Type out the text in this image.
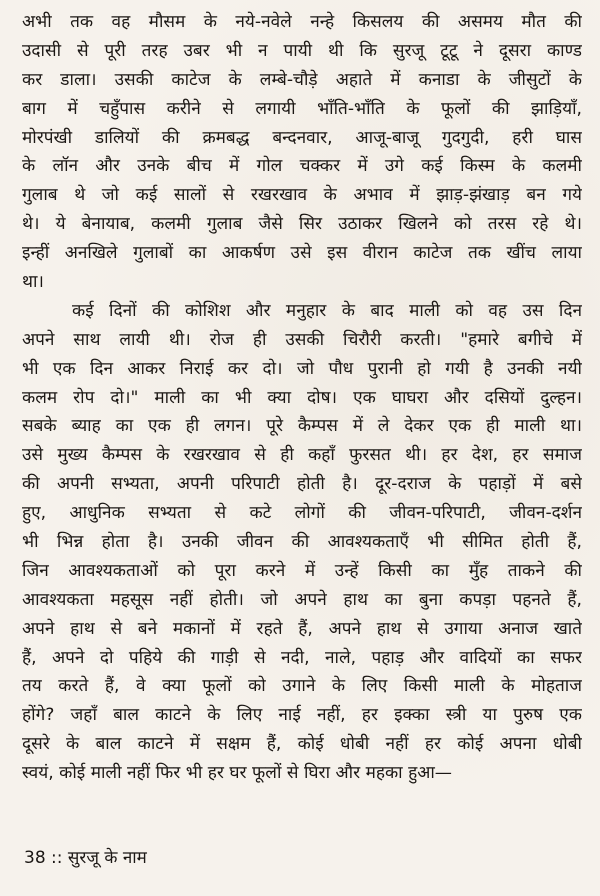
अभी तक वह मौसम के नये-नवेले नन्हे किसलय की असमय मौत की
उदासी से पूरी तरह उबर भी न पायी थी कि सुरजू टूटू ने दूसरा काण्ड
कर डाला। उसकी काटेज के लम्बे-चौड़े अहाते में कनाडा के जीसुटों के
बाग में चहुँपास करीने से लगायी भाँति-भाँति के फूलों की झाड़ियाँ,
मोरपंखी डालियों की क्रमबद्ध बन्दनवार, आजू-बाजू गुदगुदी, हरी घास
के लॉन और उनके बीच में गोल चक्कर में उगे कई किस्म के कलमी
गुलाब थे जो कई सालों से रखरखाव के अभाव में झाड़-झंखाड़ बन गये
थे। ये बेनायाब, कलमी गुलाब जैसे सिर उठाकर खिलने को तरस रहे थे।
इन्हीं अनखिले गुलाबों का आकर्षण उसे इस वीरान काटेज तक खींच लाया
था।
कई दिनों की कोशिश और मनुहार के बाद माली को वह उस दिन
अपने साथ लायी थी। रोज ही उसकी चिरौरी करती। "हमारे बगीचे में
भी एक दिन आकर निराई कर दो। जो पौध पुरानी हो गयी है उनकी नयी
कलम रोप दो।" माली का भी क्या दोष। एक घाघरा और दसियों दुल्हन।
सबके ब्याह का एक ही लगन। पूरे कैम्पस में ले देकर एक ही माली था।
उसे मुख्य कैम्पस के रखरखाव से ही कहाँ फुरसत थी। हर देश, हर समाज
की अपनी सभ्यता, अपनी परिपाटी होती है। दूर-दराज के पहाड़ों में बसे
हुए, आधुनिक सभ्यता से कटे लोगों की जीवन-परिपाटी, जीवन-दर्शन
भी भिन्न होता है। उनकी जीवन की आवश्यकताएँ भी सीमित होती हैं,
जिन आवश्यकताओं को पूरा करने में उन्हें किसी का मुँह ताकने की
आवश्यकता महसूस नहीं होती। जो अपने हाथ का बुना कपड़ा पहनते हैं,
अपने हाथ से बने मकानों में रहते हैं, अपने हाथ से उगाया अनाज खाते
हैं, अपने दो पहिये की गाड़ी से नदी, नाले, पहाड़ और वादियों का सफर
तय करते हैं, वे क्या फूलों को उगाने के लिए किसी माली के मोहताज
होंगे? जहाँ बाल काटने के लिए नाई नहीं, हर इक्का स्त्री या पुरुष एक
दूसरे के बाल काटने में सक्षम हैं, कोई धोबी नहीं हर कोई अपना धोबी
स्वयं, कोई माली नहीं फिर भी हर घर फूलों से घिरा और महका हुआ—
38 :: सुरजू के नाम
